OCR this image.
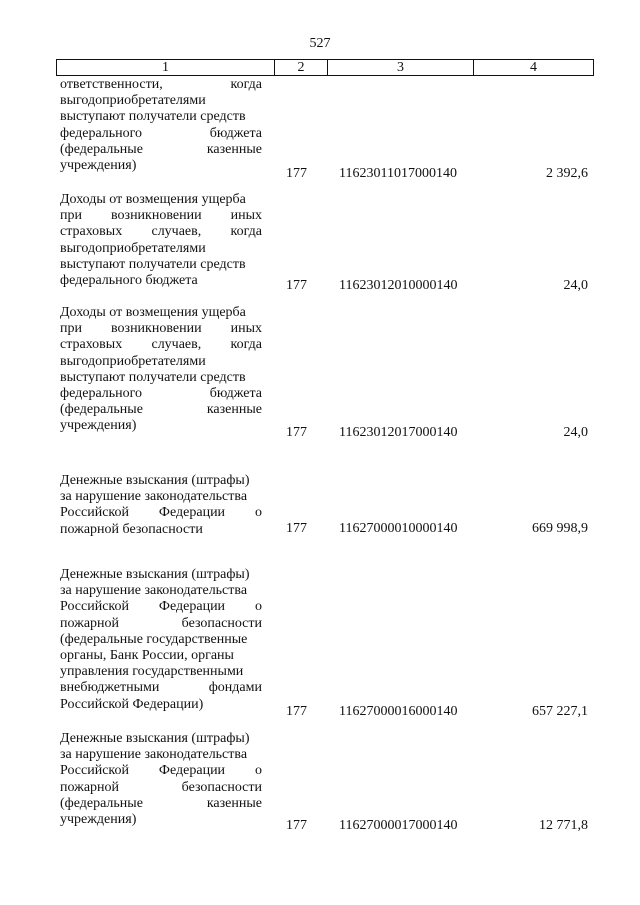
527
1	2	3	4
ответственности, когда
выгодоприобретателями
выступают получатели средств
федерального бюджета
(федеральные казенные
учреждения)
177 11623011017000140	2 392,6
Доходы от возмещения ущерба
при возникновении иных
страховых случаев, когда
выгодоприобретателями
выступают получатели средств
федерального бюджета	177 11623012010000140	24,0
Доходы от возмещения ущерба
при возникновении иных
страховых случаев, когда
выгодоприобретателями
выступают получатели средств
федерального бюджета
(федеральные казенные
учреждения)	177 11623012017000140	24,0
Денежные взыскания (штрафы)
за нарушение законодательства
Российской Федерации о
пожарной безопасности	177 11627000010000140	669 998,9
Денежные взыскания (штрафы)
за нарушение законодательства
Российской Федерации о
пожарной безопасности
(федеральные государственные
органы, Банк России, органы
управления государственными
внебюджетными фондами
Российской Федерации)	177 11627000016000140	657 227,1
Денежные взыскания (штрафы)
за нарушение законодательства
Российской Федерации о
пожарной безопасности
(федеральные казенные
учреждения)	177 11627000017000140	12 771,8
